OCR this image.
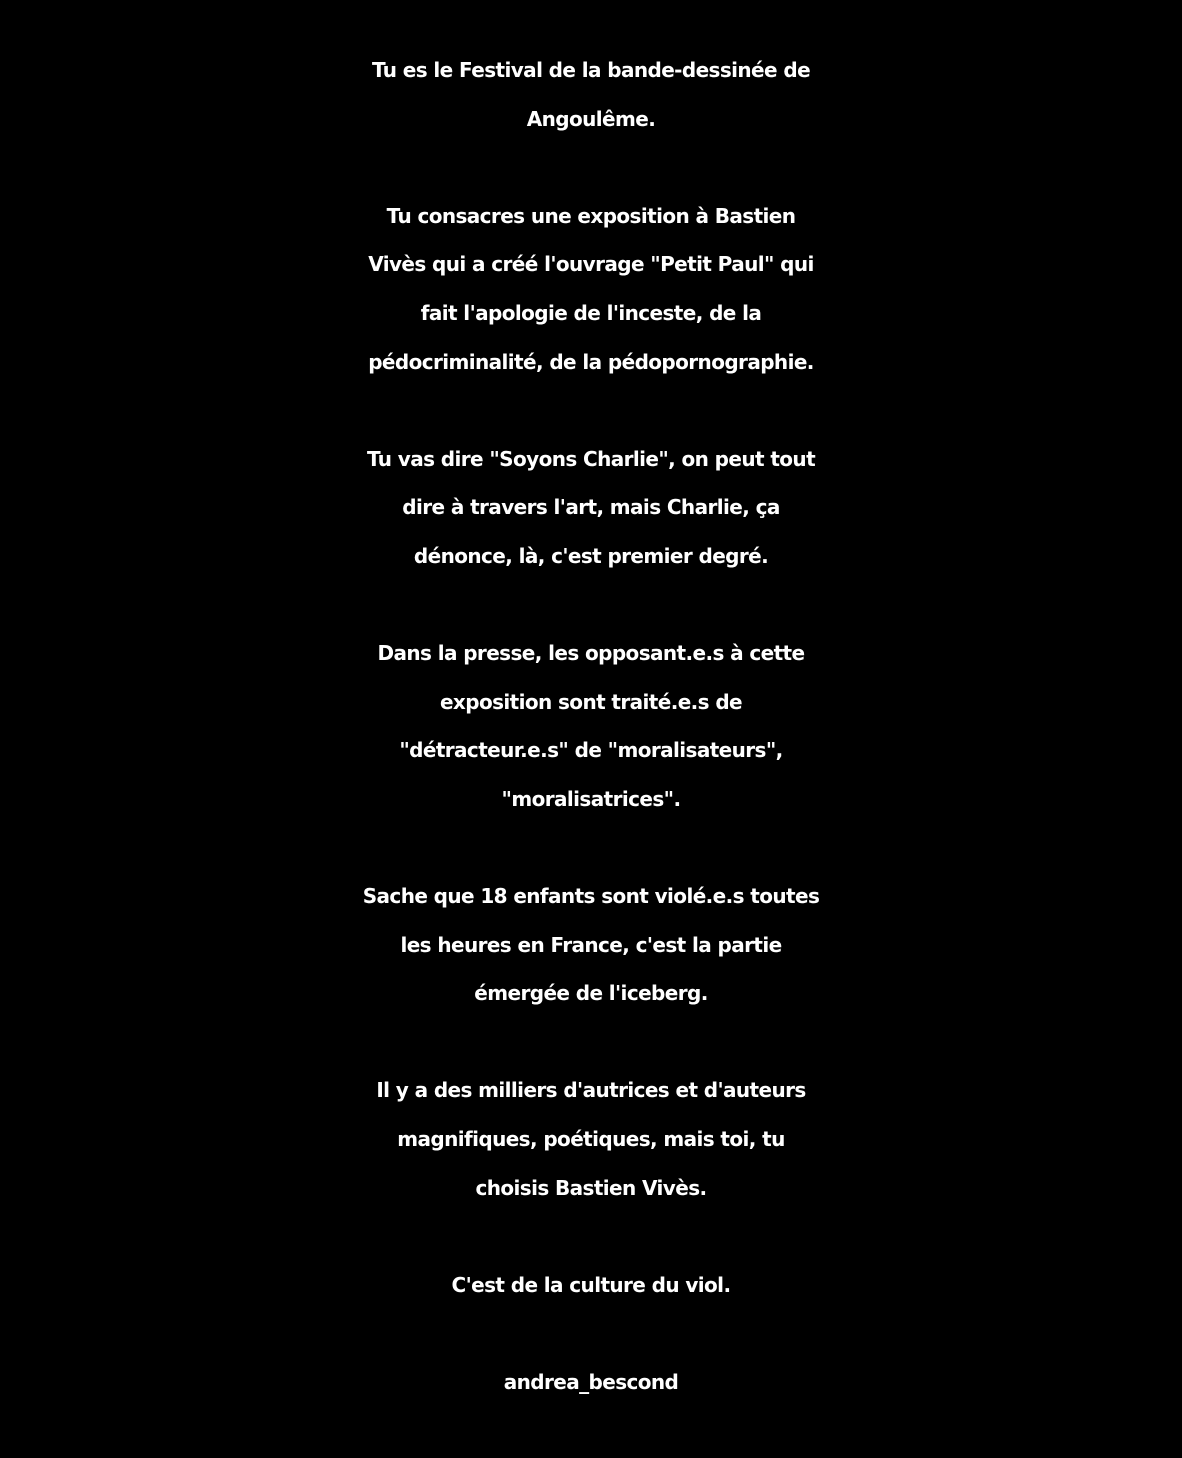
Tu es le Festival de la bande-dessinée de

Angoulême.

Tu consacres une exposition à Bastien

Vivès qui a créé l'ouvrage "Petit Paul" qui

fait l'apologie de l'inceste, de la

pédocriminalité, de la pédopornographie.

Tu vas dire "Soyons Charlie", on peut tout

dire à travers l'art, mais Charlie, ça

dénonce, là, c'est premier degré.

Dans la presse, les opposant.e.s à cette

exposition sont traité.e.s de

"détracteur.e.s" de "moralisateurs",

"moralisatrices".

Sache que 18 enfants sont violé.e.s toutes

les heures en France, c'est la partie

émergée de l'iceberg.

Il y a des milliers d'autrices et d'auteurs

magnifiques, poétiques, mais toi, tu

choisis Bastien Vivès.

C'est de la culture du viol.

andrea_bescond
